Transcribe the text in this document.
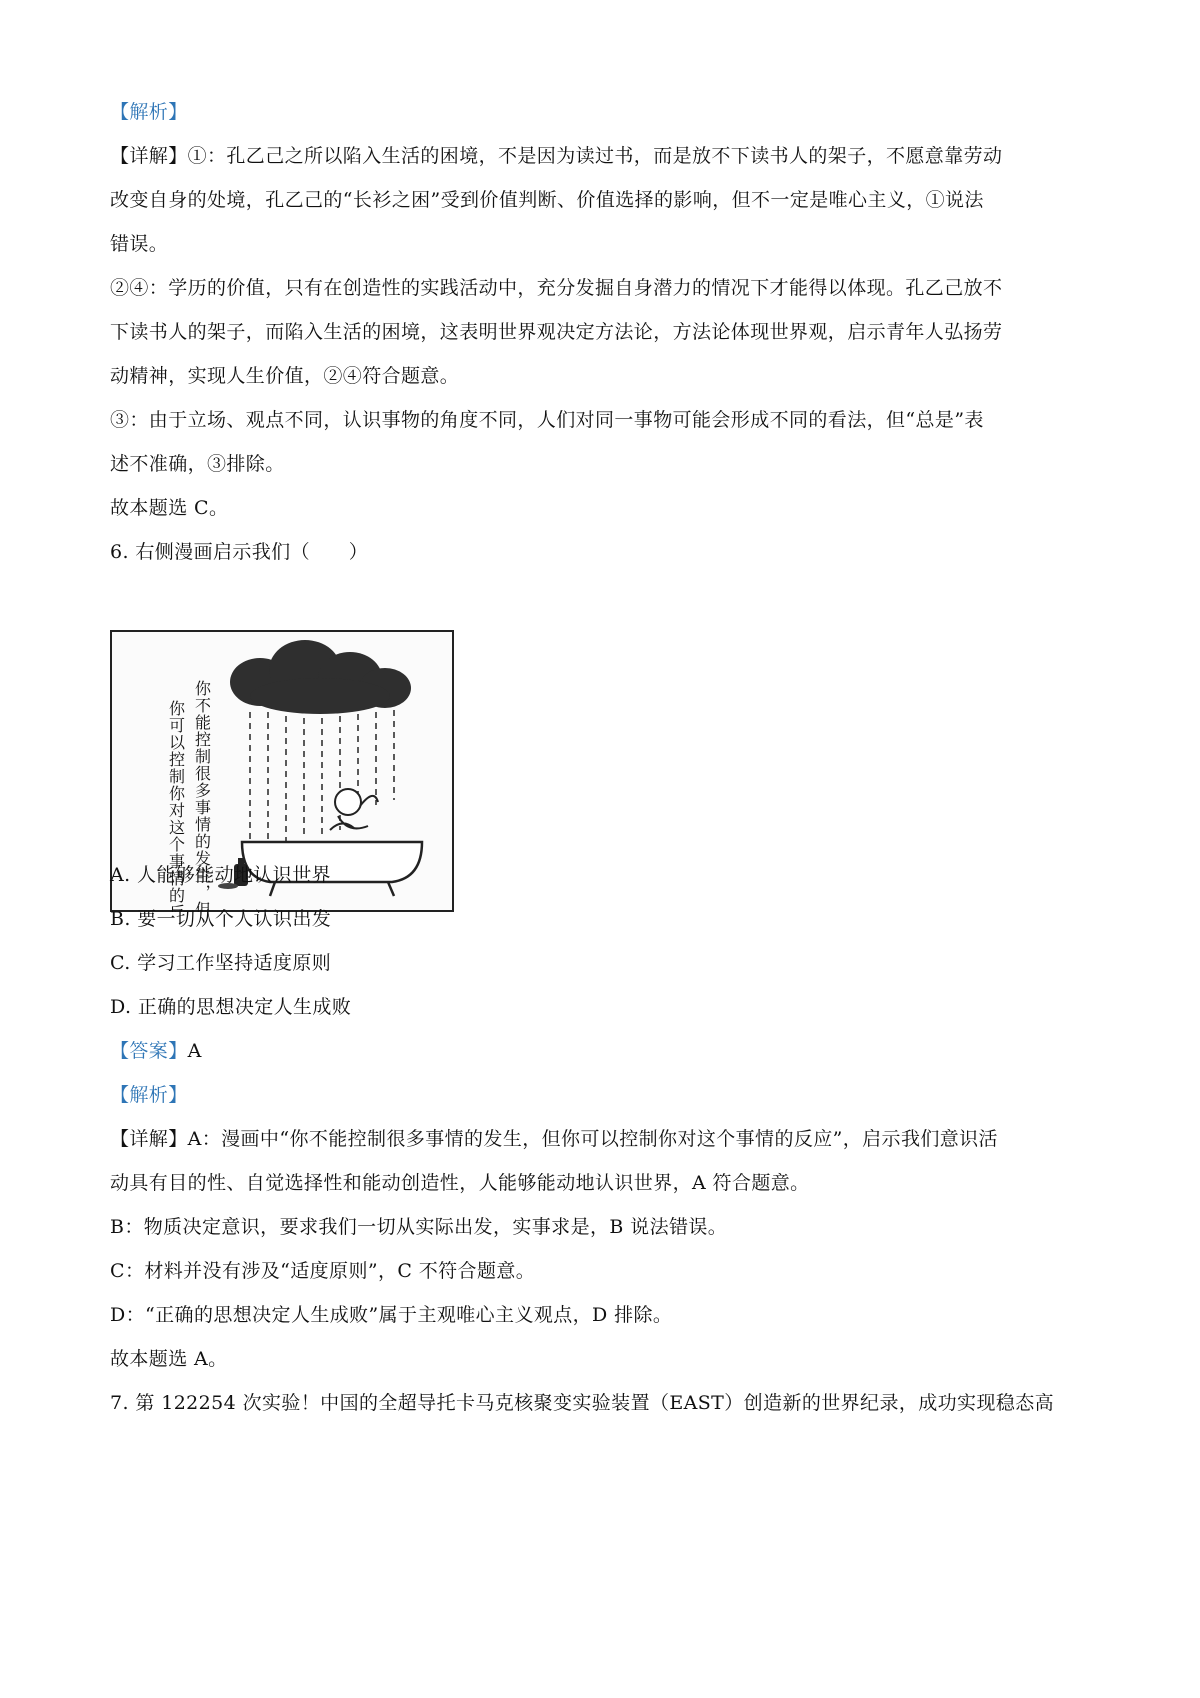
【解析】
【详解】①：孔乙己之所以陷入生活的困境，不是因为读过书，而是放不下读书人的架子，不愿意靠劳动
改变自身的处境，孔乙己的“长衫之困”受到价值判断、价值选择的影响，但不一定是唯心主义，①说法
错误。
②④：学历的价值，只有在创造性的实践活动中，充分发掘自身潜力的情况下才能得以体现。孔乙己放不
下读书人的架子，而陷入生活的困境，这表明世界观决定方法论，方法论体现世界观，启示青年人弘扬劳
动精神，实现人生价值，②④符合题意。
③：由于立场、观点不同，认识事物的角度不同，人们对同一事物可能会形成不同的看法，但“总是”表
述不准确，③排除。
故本题选 C。
6. 右侧漫画启示我们（　　）
你不能控制很多事情的发生，但
你可以控制你对这个事情的反应
A. 人能够能动地认识世界
B. 要一切从个人认识出发
C. 学习工作坚持适度原则
D. 正确的思想决定人生成败
【答案】A
【解析】
【详解】A：漫画中“你不能控制很多事情的发生，但你可以控制你对这个事情的反应”，启示我们意识活
动具有目的性、自觉选择性和能动创造性，人能够能动地认识世界，A 符合题意。
B：物质决定意识，要求我们一切从实际出发，实事求是，B 说法错误。
C：材料并没有涉及“适度原则”，C 不符合题意。
D：“正确的思想决定人生成败”属于主观唯心主义观点，D 排除。
故本题选 A。
7. 第 122254 次实验！中国的全超导托卡马克核聚变实验装置（EAST）创造新的世界纪录，成功实现稳态高
